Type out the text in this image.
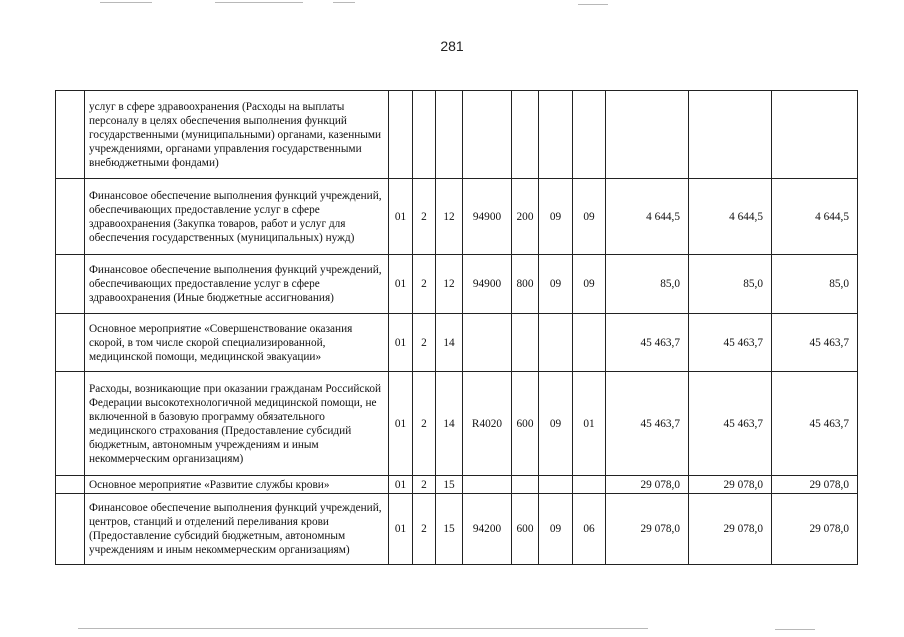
281
	услуг в сфере здравоохранения (Расходы на выплаты персоналу в целях обеспечения выполнения функций государственными (муниципальными) органами, казенными учреждениями, органами управления государственными внебюджетными фондами)										
	Финансовое обеспечение выполнения функций учреждений, обеспечивающих предоставление услуг в сфере здравоохранения (Закупка товаров, работ и услуг для обеспечения государственных (муниципальных) нужд)	01	2	12	94900	200	09	09	4 644,5	4 644,5	4 644,5
	Финансовое обеспечение выполнения функций учреждений, обеспечивающих предоставление услуг в сфере здравоохранения (Иные бюджетные ассигнования)	01	2	12	94900	800	09	09	85,0	85,0	85,0
	Основное мероприятие «Совершенствование оказания скорой, в том числе скорой специализированной, медицинской помощи, медицинской эвакуации»	01	2	14					45 463,7	45 463,7	45 463,7
	Расходы, возникающие при оказании гражданам Российской Федерации высокотехнологичной медицинской помощи, не включенной в базовую программу обязательного медицинского страхования (Предоставление субсидий бюджетным, автономным учреждениям и иным некоммерческим организациям)	01	2	14	R4020	600	09	01	45 463,7	45 463,7	45 463,7
	Основное мероприятие «Развитие службы крови»	01	2	15					29 078,0	29 078,0	29 078,0
	Финансовое обеспечение выполнения функций учреждений, центров, станций и отделений переливания крови (Предоставление субсидий бюджетным, автономным учреждениям и иным некоммерческим организациям)	01	2	15	94200	600	09	06	29 078,0	29 078,0	29 078,0
